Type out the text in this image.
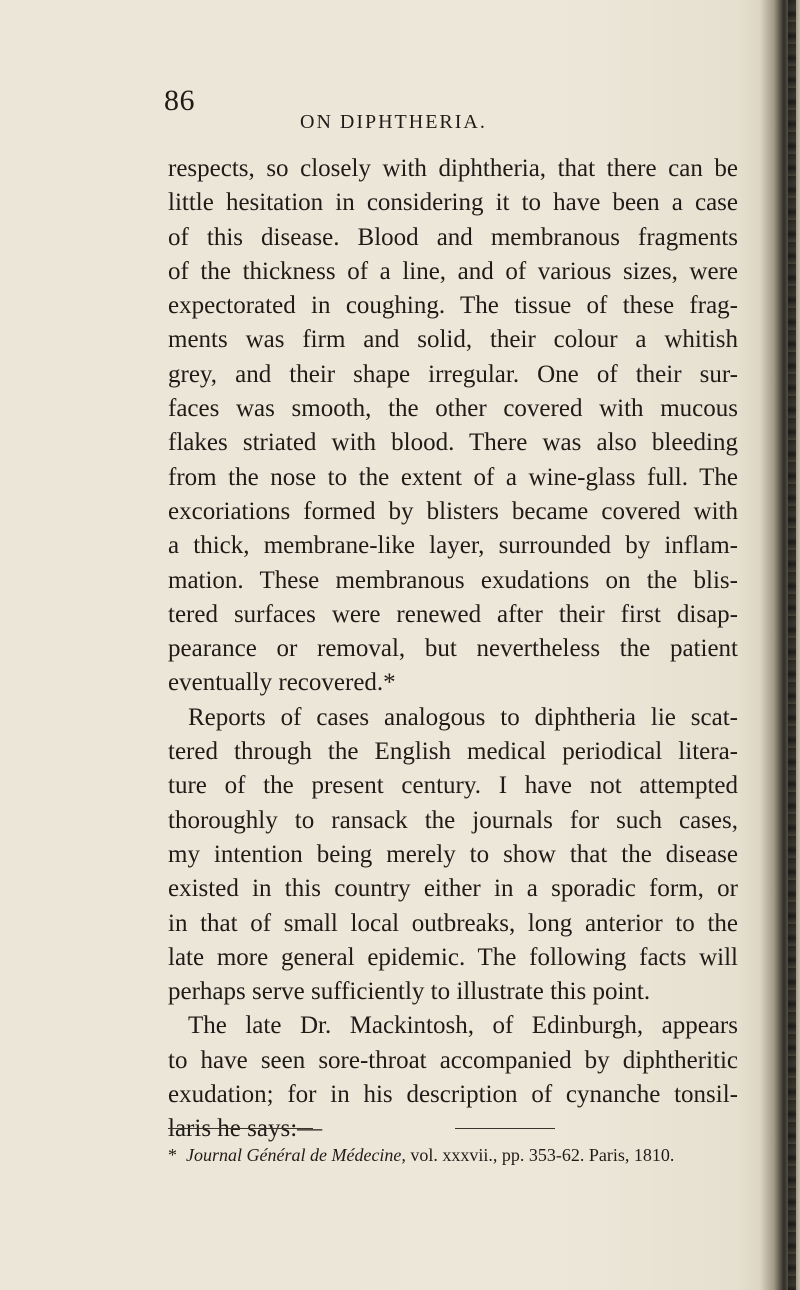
86
ON DIPHTHERIA.
respects, so closely with diphtheria, that there can be
little hesitation in considering it to have been a case
of this disease. Blood and membranous fragments
of the thickness of a line, and of various sizes, were
expectorated in coughing. The tissue of these frag-
ments was firm and solid, their colour a whitish
grey, and their shape irregular. One of their sur-
faces was smooth, the other covered with mucous
flakes striated with blood. There was also bleeding
from the nose to the extent of a wine-glass full. The
excoriations formed by blisters became covered with
a thick, membrane-like layer, surrounded by inflam-
mation. These membranous exudations on the blis-
tered surfaces were renewed after their first disap-
pearance or removal, but nevertheless the patient
eventually recovered.*
Reports of cases analogous to diphtheria lie scat-
tered through the English medical periodical litera-
ture of the present century. I have not attempted
thoroughly to ransack the journals for such cases,
my intention being merely to show that the disease
existed in this country either in a sporadic form, or
in that of small local outbreaks, long anterior to the
late more general epidemic. The following facts will
perhaps serve sufficiently to illustrate this point.
The late Dr. Mackintosh, of Edinburgh, appears
to have seen sore-throat accompanied by diphtheritic
exudation; for in his description of cynanche tonsil-
laris he says:—
* Journal Général de Médecine, vol. xxxvii., pp. 353-62. Paris, 1810.
